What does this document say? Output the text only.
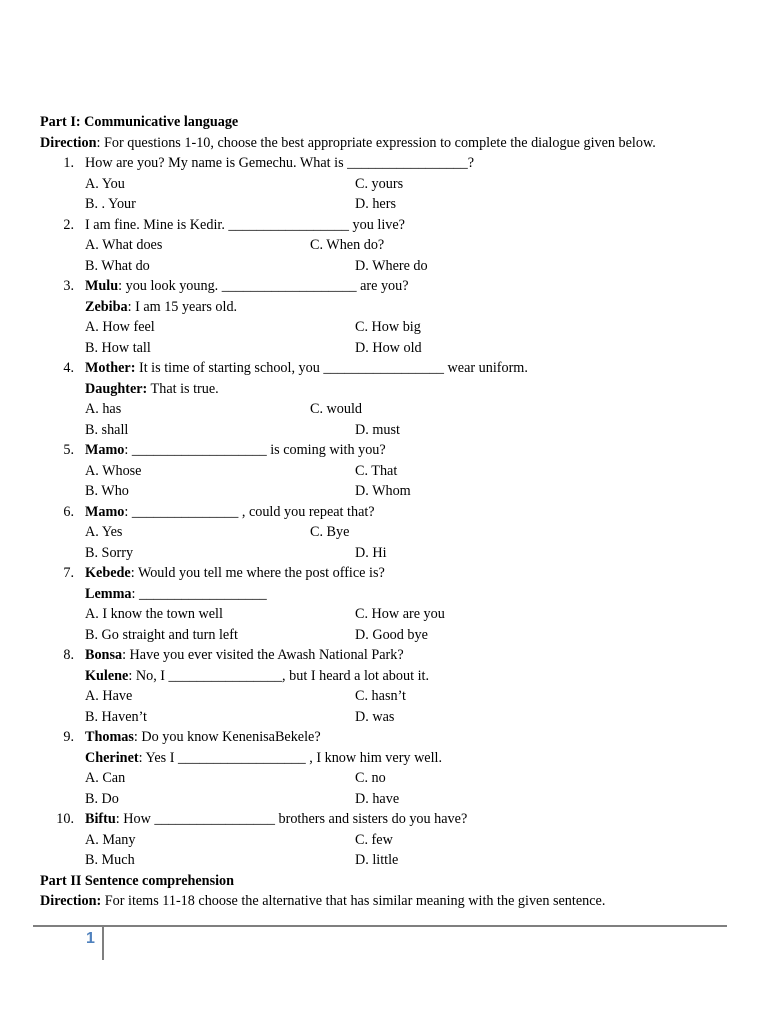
Part I: Communicative language
Direction: For questions 1-10, choose the best appropriate expression to complete the dialogue given below.
1. How are you? My name is Gemechu. What is _________________?
A. You	C. yours
B. . Your	D. hers
2. I am fine. Mine is Kedir. _________________ you live?
A. What does	C. When do?
B. What do	D. Where do
3. Mulu: you look young. ___________________ are you?
Zebiba: I am 15 years old.
A. How feel	C. How big
B. How tall	D. How old
4. Mother: It is time of starting school, you _________________ wear uniform.
Daughter: That is true.
A. has	C. would
B. shall	D. must
5. Mamo: ___________________ is coming with you?
A. Whose	C. That
B. Who	D. Whom
6. Mamo: _______________ , could you repeat that?
A. Yes	C. Bye
B. Sorry	D. Hi
7. Kebede: Would you tell me where the post office is?
Lemma: __________________
A. I know the town well	C. How are you
B. Go straight and turn left	D. Good bye
8. Bonsa: Have you ever visited the Awash National Park?
Kulene: No, I ________________, but I heard a lot about it.
A. Have	C. hasn’t
B. Haven’t	D. was
9. Thomas: Do you know KenenisaBekele?
Cherinet: Yes I __________________ , I know him very well.
A. Can	C. no
B. Do	D. have
10. Biftu: How _________________ brothers and sisters do you have?
A. Many	C. few
B. Much	D. little
Part II Sentence comprehension
Direction: For items 11-18 choose the alternative that has similar meaning with the given sentence.
1
